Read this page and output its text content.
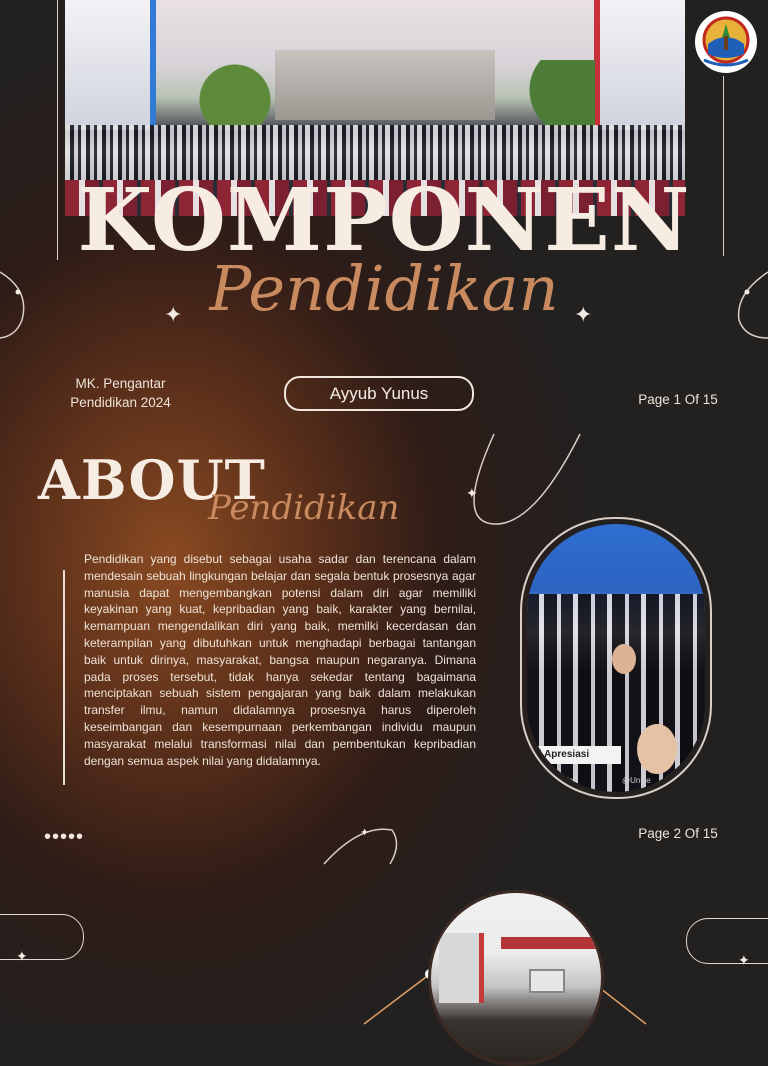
✦
✦
KOMPONEN
Pendidikan
✦	✦
MK. Pengantar Pendidikan 2024	Ayyub Yunus	Page 1 Of 15
ABOUT
Pendidikan
Pendidikan yang disebut sebagai usaha sadar dan terencana dalam mendesain sebuah lingkungan belajar dan segala bentuk prosesnya agar manusia dapat mengembangkan potensi dalam diri agar memiliki keyakinan yang kuat, kepribadian yang baik, karakter yang bernilai, kemampuan mengendalikan diri yang baik, memilki kecerdasan dan keterampilan yang dibutuhkan untuk menghadapi berbagai tantangan baik untuk dirinya, masyarakat, bangsa maupun negaranya. Dimana pada proses tersebut, tidak hanya sekedar tentang bagaimana menciptakan sebuah sistem pengajaran yang baik dalam melakukan transfer ilmu, namun didalamnya prosesnya harus diperoleh keseimbangan dan kesempurnaan perkembangan individu maupun masyarakat melalui transformasi nilai dan pembentukan kepribadian dengan semua aspek nilai yang didalamnya.	ri Apresiasi
fficial	@Unive
•••••	Page 2 Of 15
✦	✦
